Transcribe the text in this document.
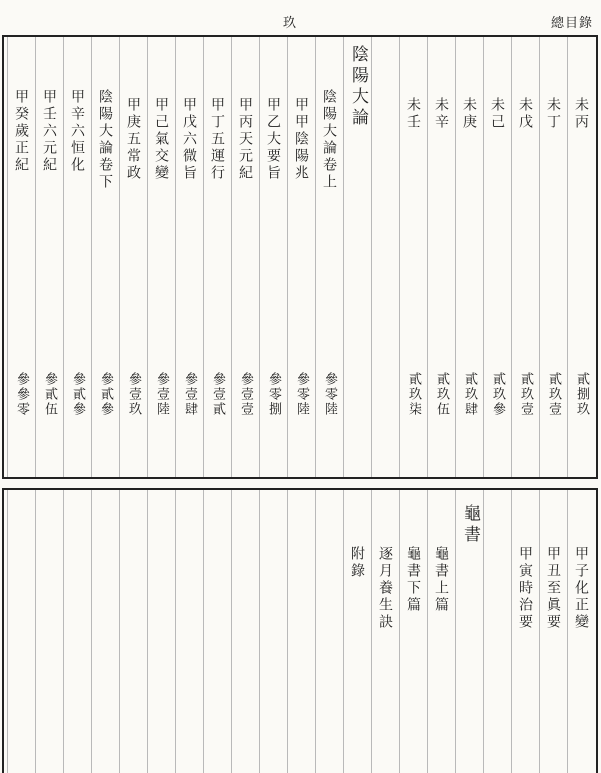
玖	總目錄
未丙
貳捌玖
未丁
貳玖壹
未戊
貳玖壹
未己
貳玖參
未庚
貳玖肆
未辛
貳玖伍
未壬
貳玖柒
陰陽大論
陰陽大論卷上
參零陸
甲甲陰陽兆
參零陸
甲乙大要旨
參零捌
甲丙天元紀
參壹壹
甲丁五運行
參壹貳
甲戊六微旨
參壹肆
甲己氣交變
參壹陸
甲庚五常政
參壹玖
陰陽大論卷下
參貳參
甲辛六恒化
參貳參
甲壬六元紀
參貳伍
甲癸歲正紀
參參零
甲子化正變
甲丑至眞要
甲寅時治要
龜書
龜書上篇
龜書下篇
逐月養生訣
附錄
